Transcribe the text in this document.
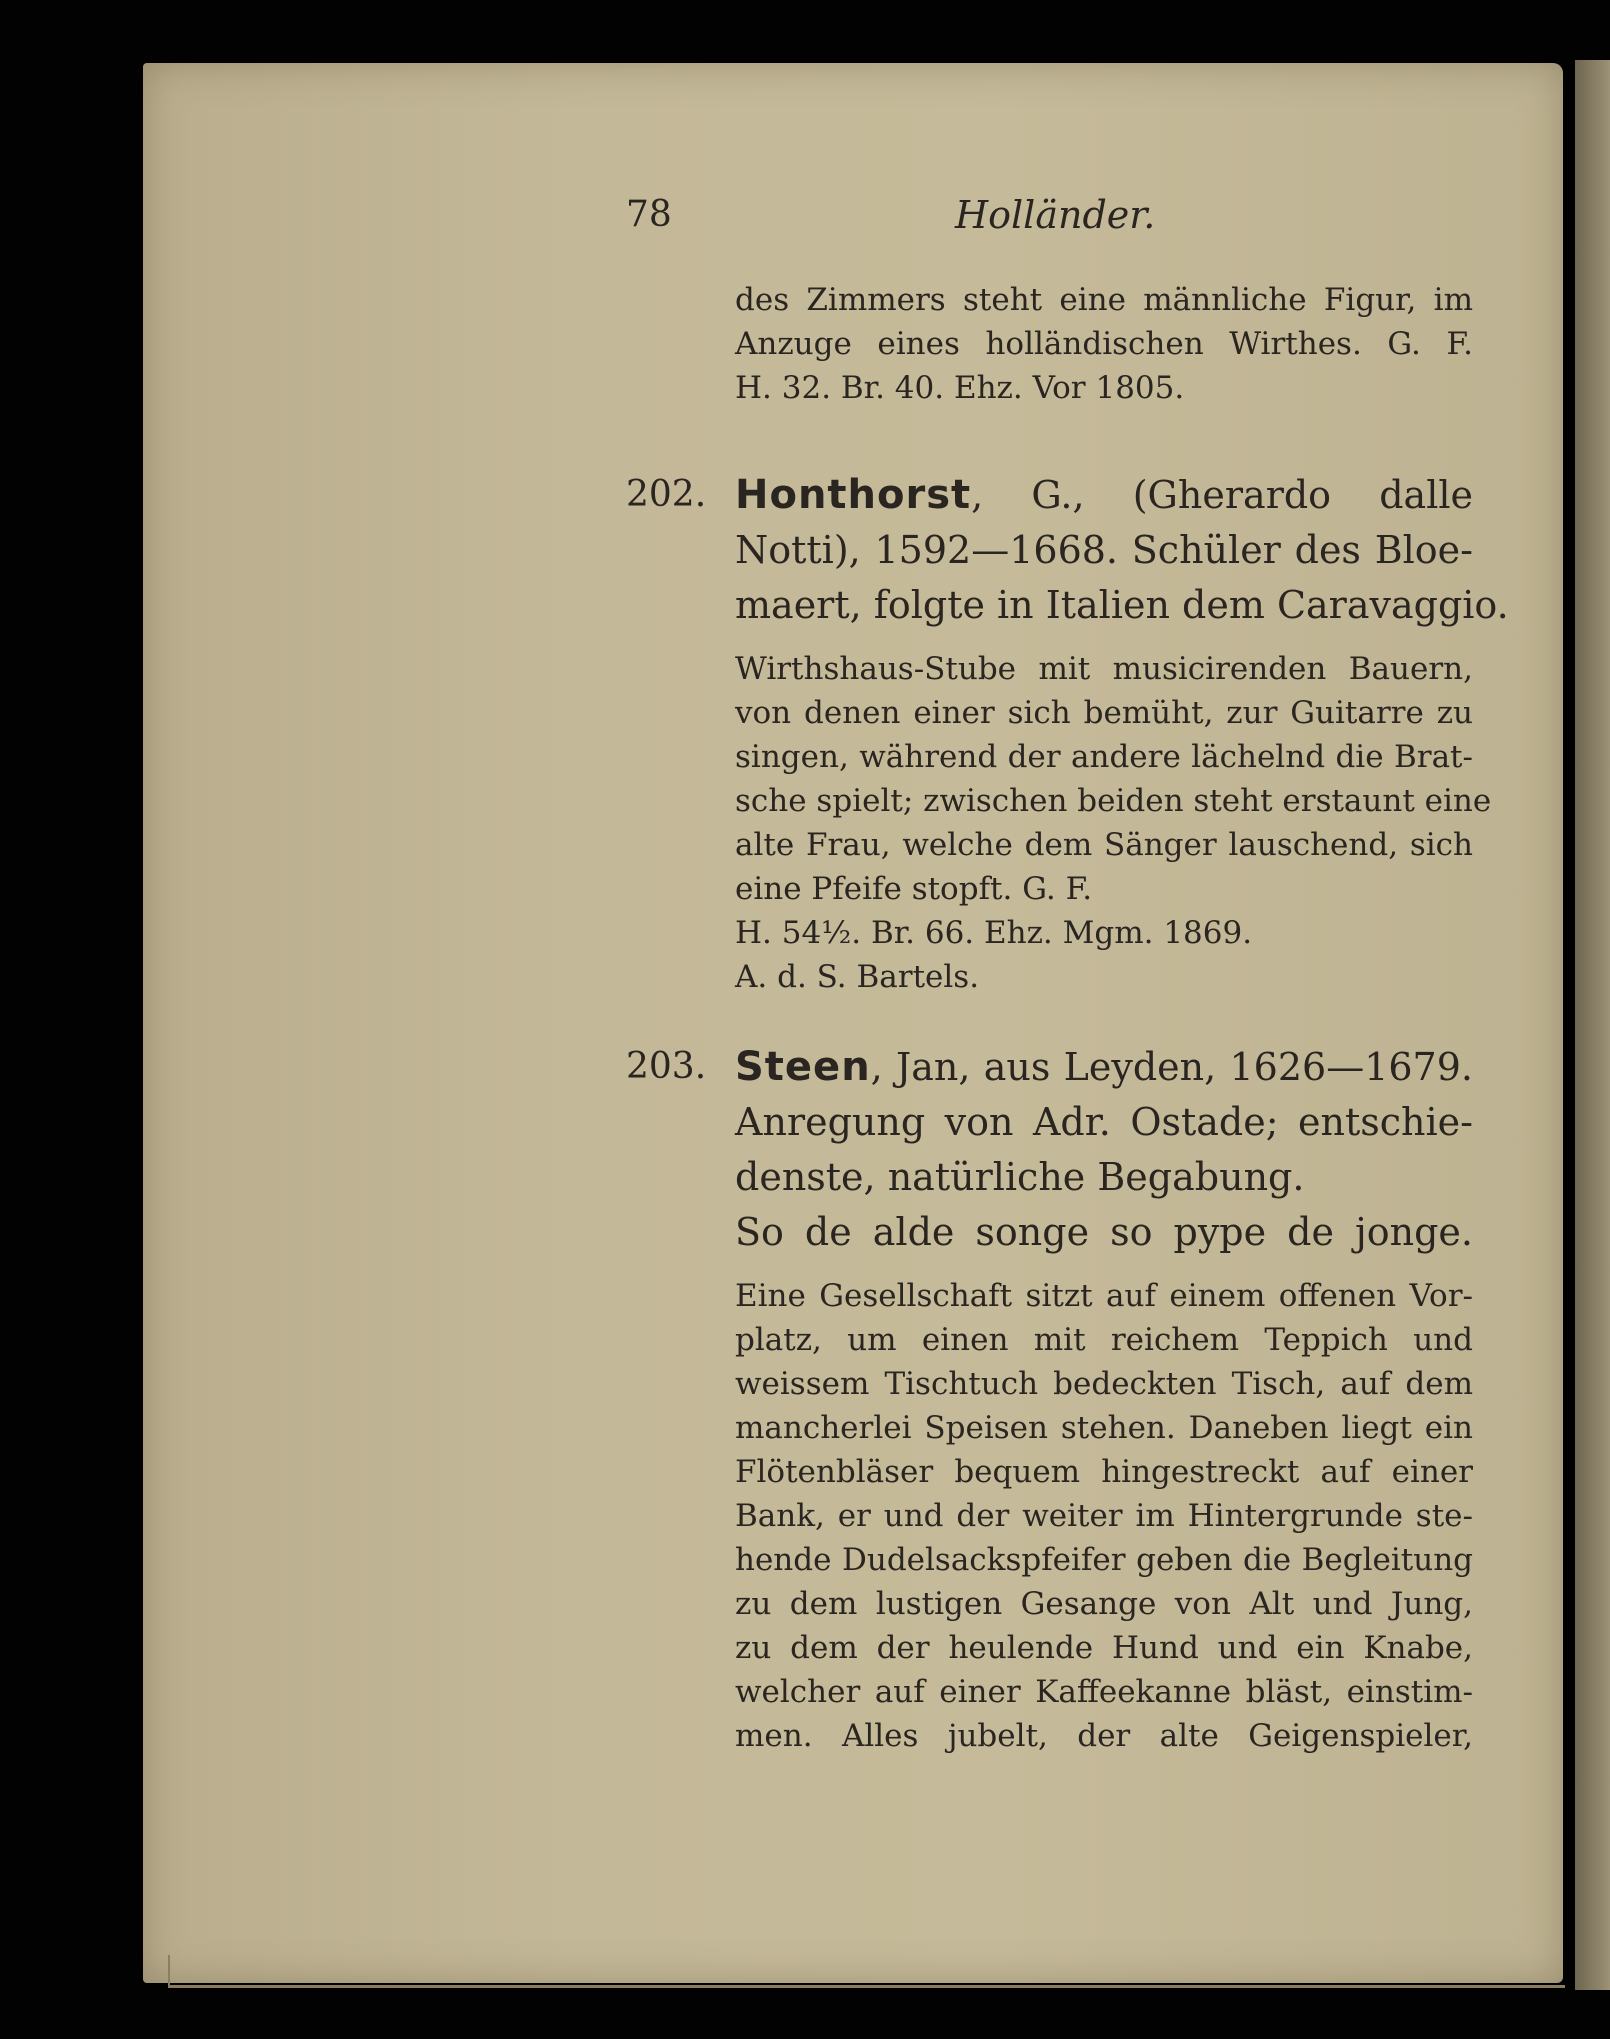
78	Holländer.
des Zimmers steht eine männliche Figur, im
Anzuge eines holländischen Wirthes. G. F.
H. 32. Br. 40. Ehz. Vor 1805.
202. Honthorst, G., (Gherardo dalle
Notti), 1592—1668. Schüler des Bloe-
maert, folgte in Italien dem Caravaggio.
Wirthshaus-Stube mit musicirenden Bauern,
von denen einer sich bemüht, zur Guitarre zu
singen, während der andere lächelnd die Brat-
sche spielt; zwischen beiden steht erstaunt eine
alte Frau, welche dem Sänger lauschend, sich
eine Pfeife stopft. G. F.
H. 54½. Br. 66. Ehz. Mgm. 1869.
A. d. S. Bartels.
203. Steen, Jan, aus Leyden, 1626—1679.
Anregung von Adr. Ostade; entschie-
denste, natürliche Begabung.
So de alde songe so pype de jonge.
Eine Gesellschaft sitzt auf einem offenen Vor-
platz, um einen mit reichem Teppich und
weissem Tischtuch bedeckten Tisch, auf dem
mancherlei Speisen stehen. Daneben liegt ein
Flötenbläser bequem hingestreckt auf einer
Bank, er und der weiter im Hintergrunde ste-
hende Dudelsackspfeifer geben die Begleitung
zu dem lustigen Gesange von Alt und Jung,
zu dem der heulende Hund und ein Knabe,
welcher auf einer Kaffeekanne bläst, einstim-
men. Alles jubelt, der alte Geigenspieler,
